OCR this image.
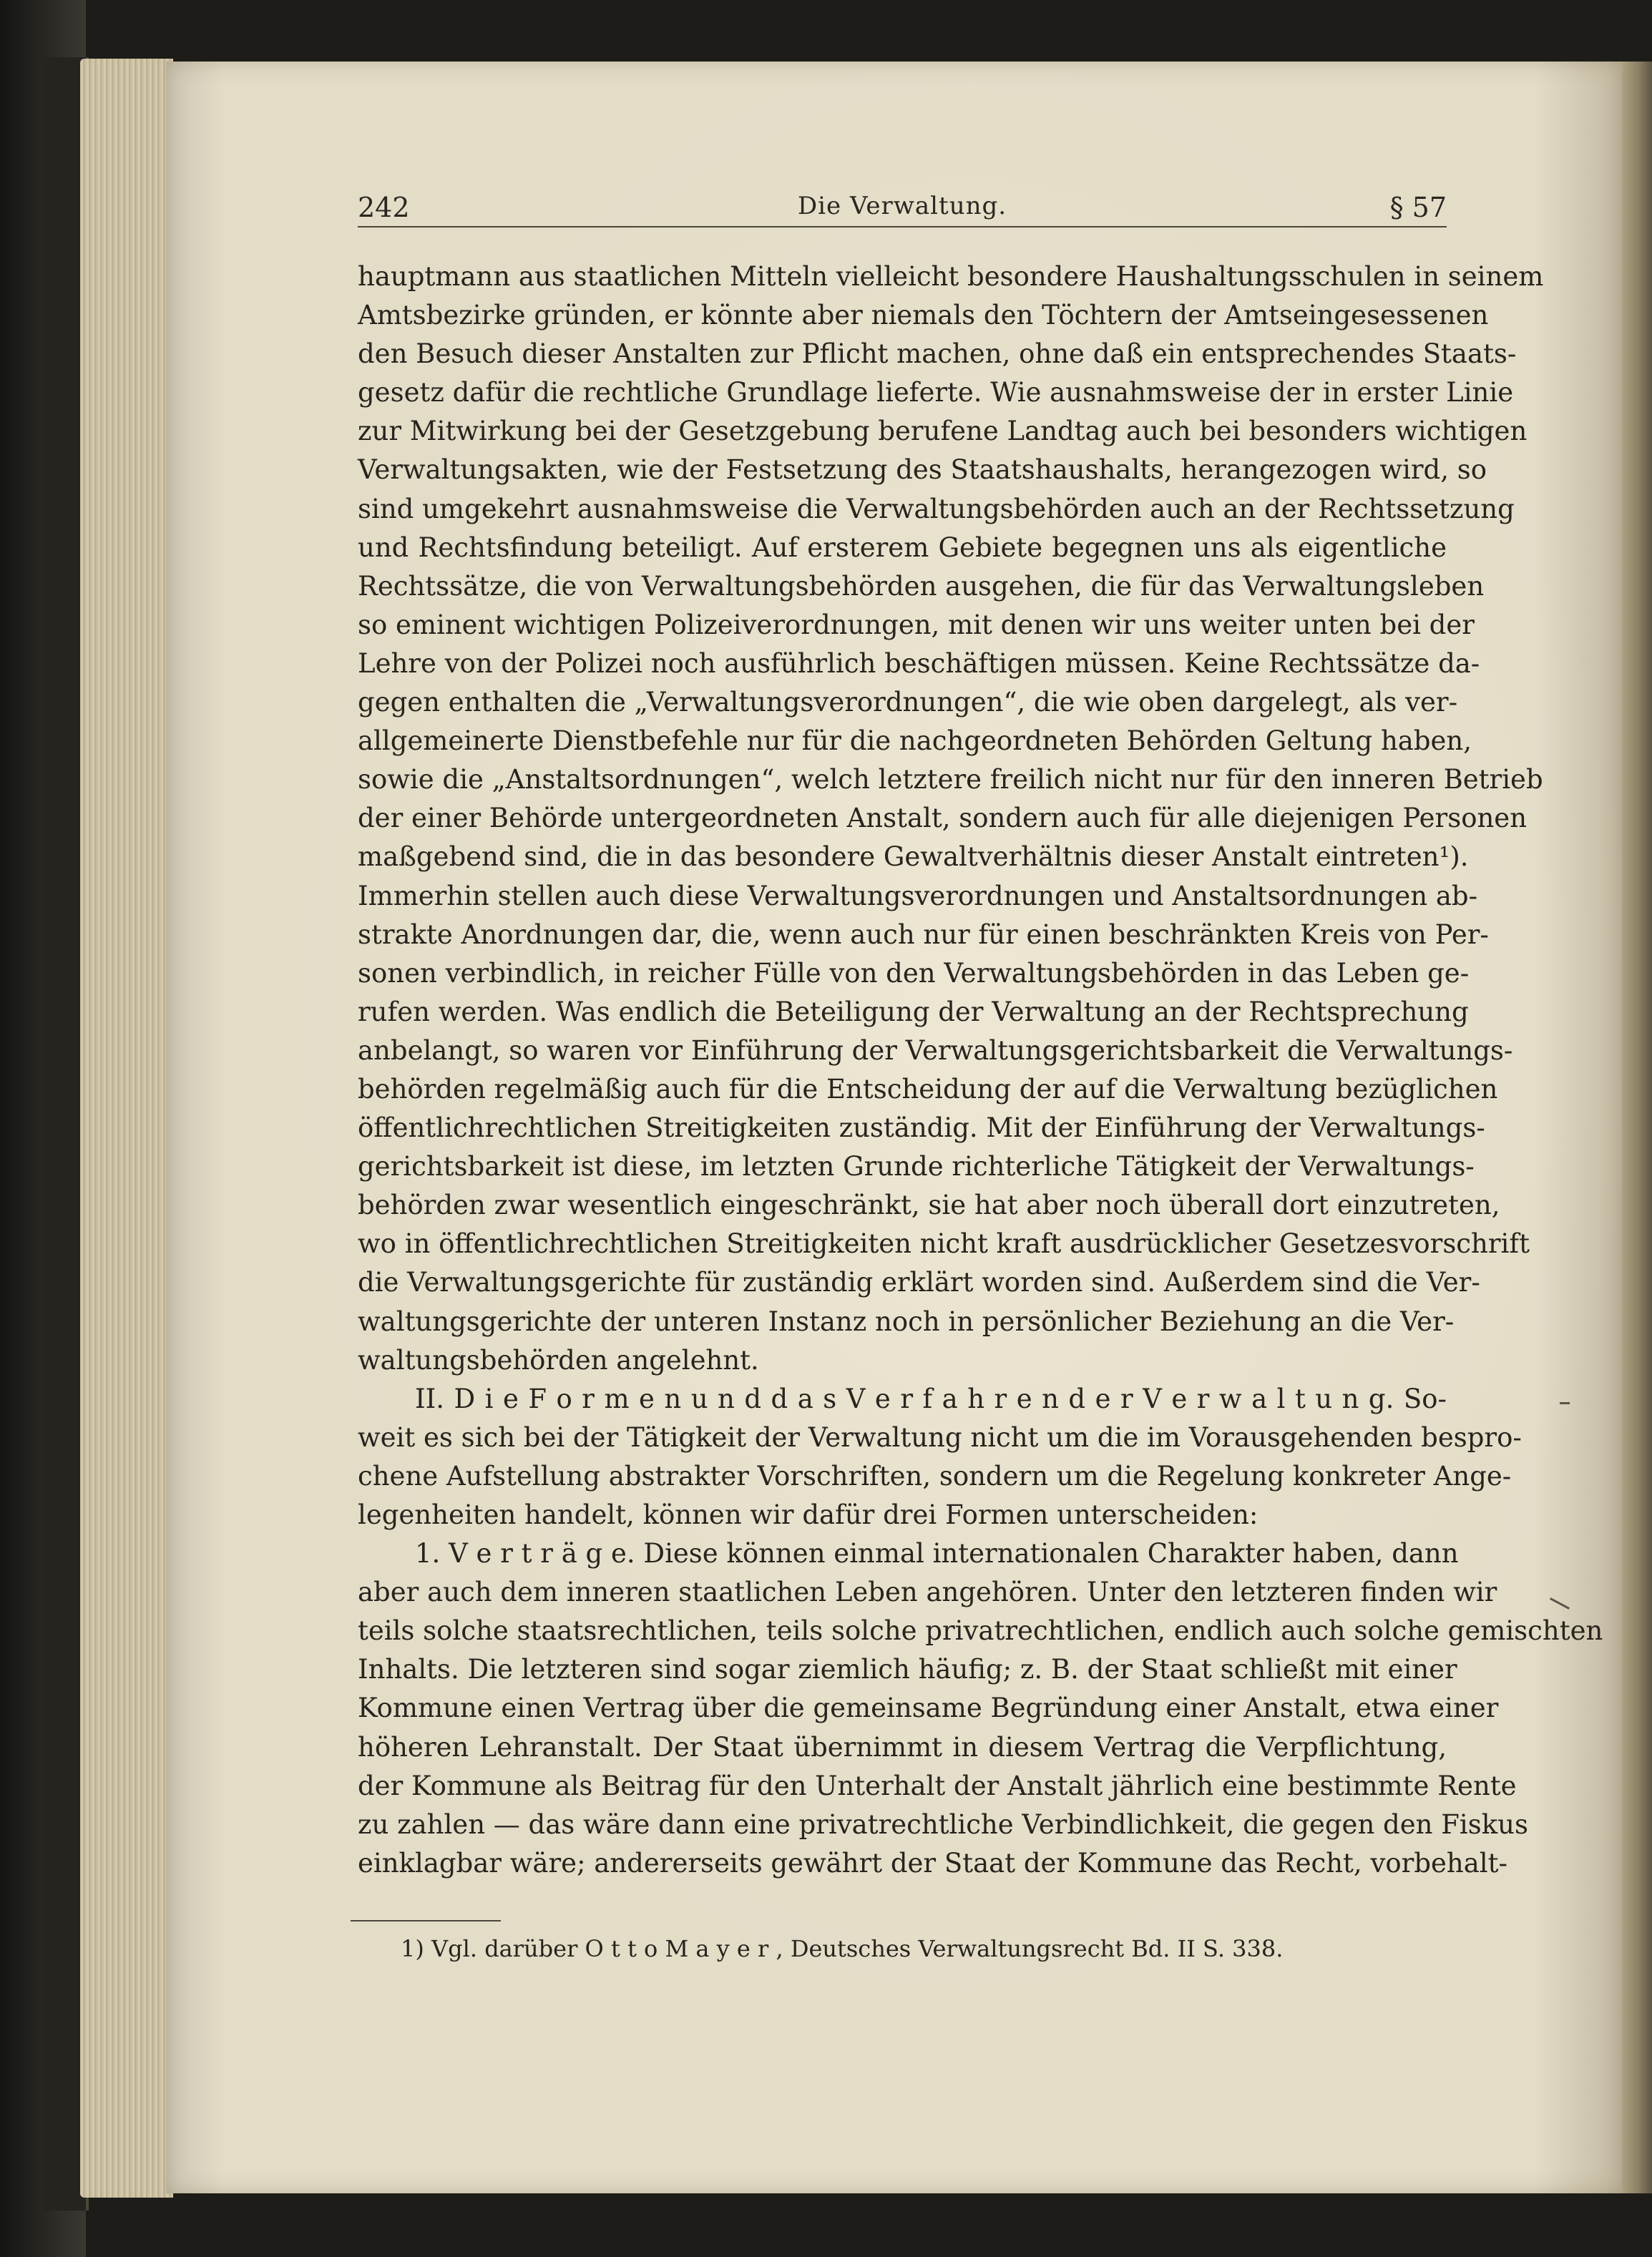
242	Die Verwaltung.	§ 57
hauptmann aus staatlichen Mitteln vielleicht besondere Haushaltungsschulen in seinem
Amtsbezirke gründen, er könnte aber niemals den Töchtern der Amtseingesessenen
den Besuch dieser Anstalten zur Pflicht machen, ohne daß ein entsprechendes Staats-
gesetz dafür die rechtliche Grundlage lieferte. Wie ausnahmsweise der in erster Linie
zur Mitwirkung bei der Gesetzgebung berufene Landtag auch bei besonders wichtigen
Verwaltungsakten, wie der Festsetzung des Staatshaushalts, herangezogen wird, so
sind umgekehrt ausnahmsweise die Verwaltungsbehörden auch an der Rechtssetzung
und Rechtsfindung beteiligt. Auf ersterem Gebiete begegnen uns als eigentliche
Rechtssätze, die von Verwaltungsbehörden ausgehen, die für das Verwaltungsleben
so eminent wichtigen Polizeiverordnungen, mit denen wir uns weiter unten bei der
Lehre von der Polizei noch ausführlich beschäftigen müssen. Keine Rechtssätze da-
gegen enthalten die „Verwaltungsverordnungen“, die wie oben dargelegt, als ver-
allgemeinerte Dienstbefehle nur für die nachgeordneten Behörden Geltung haben,
sowie die „Anstaltsordnungen“, welch letztere freilich nicht nur für den inneren Betrieb
der einer Behörde untergeordneten Anstalt, sondern auch für alle diejenigen Personen
maßgebend sind, die in das besondere Gewaltverhältnis dieser Anstalt eintreten¹).
Immerhin stellen auch diese Verwaltungsverordnungen und Anstaltsordnungen ab-
strakte Anordnungen dar, die, wenn auch nur für einen beschränkten Kreis von Per-
sonen verbindlich, in reicher Fülle von den Verwaltungsbehörden in das Leben ge-
rufen werden. Was endlich die Beteiligung der Verwaltung an der Rechtsprechung
anbelangt, so waren vor Einführung der Verwaltungsgerichtsbarkeit die Verwaltungs-
behörden regelmäßig auch für die Entscheidung der auf die Verwaltung bezüglichen
öffentlichrechtlichen Streitigkeiten zuständig. Mit der Einführung der Verwaltungs-
gerichtsbarkeit ist diese, im letzten Grunde richterliche Tätigkeit der Verwaltungs-
behörden zwar wesentlich eingeschränkt, sie hat aber noch überall dort einzutreten,
wo in öffentlichrechtlichen Streitigkeiten nicht kraft ausdrücklicher Gesetzesvorschrift
die Verwaltungsgerichte für zuständig erklärt worden sind. Außerdem sind die Ver-
waltungsgerichte der unteren Instanz noch in persönlicher Beziehung an die Ver-
waltungsbehörden angelehnt.
II. D i e F o r m e n u n d d a s V e r f a h r e n d e r V e r w a l t u n g. So-
weit es sich bei der Tätigkeit der Verwaltung nicht um die im Vorausgehenden bespro-
chene Aufstellung abstrakter Vorschriften, sondern um die Regelung konkreter Ange-
legenheiten handelt, können wir dafür drei Formen unterscheiden:
1. V e r t r ä g e. Diese können einmal internationalen Charakter haben, dann
aber auch dem inneren staatlichen Leben angehören. Unter den letzteren finden wir
teils solche staatsrechtlichen, teils solche privatrechtlichen, endlich auch solche gemischten
Inhalts. Die letzteren sind sogar ziemlich häufig; z. B. der Staat schließt mit einer
Kommune einen Vertrag über die gemeinsame Begründung einer Anstalt, etwa einer
höheren Lehranstalt. Der Staat übernimmt in diesem Vertrag die Verpflichtung,
der Kommune als Beitrag für den Unterhalt der Anstalt jährlich eine bestimmte Rente
zu zahlen — das wäre dann eine privatrechtliche Verbindlichkeit, die gegen den Fiskus
einklagbar wäre; andererseits gewährt der Staat der Kommune das Recht, vorbehalt-
1) Vgl. darüber O t t o M a y e r , Deutsches Verwaltungsrecht Bd. II S. 338.
